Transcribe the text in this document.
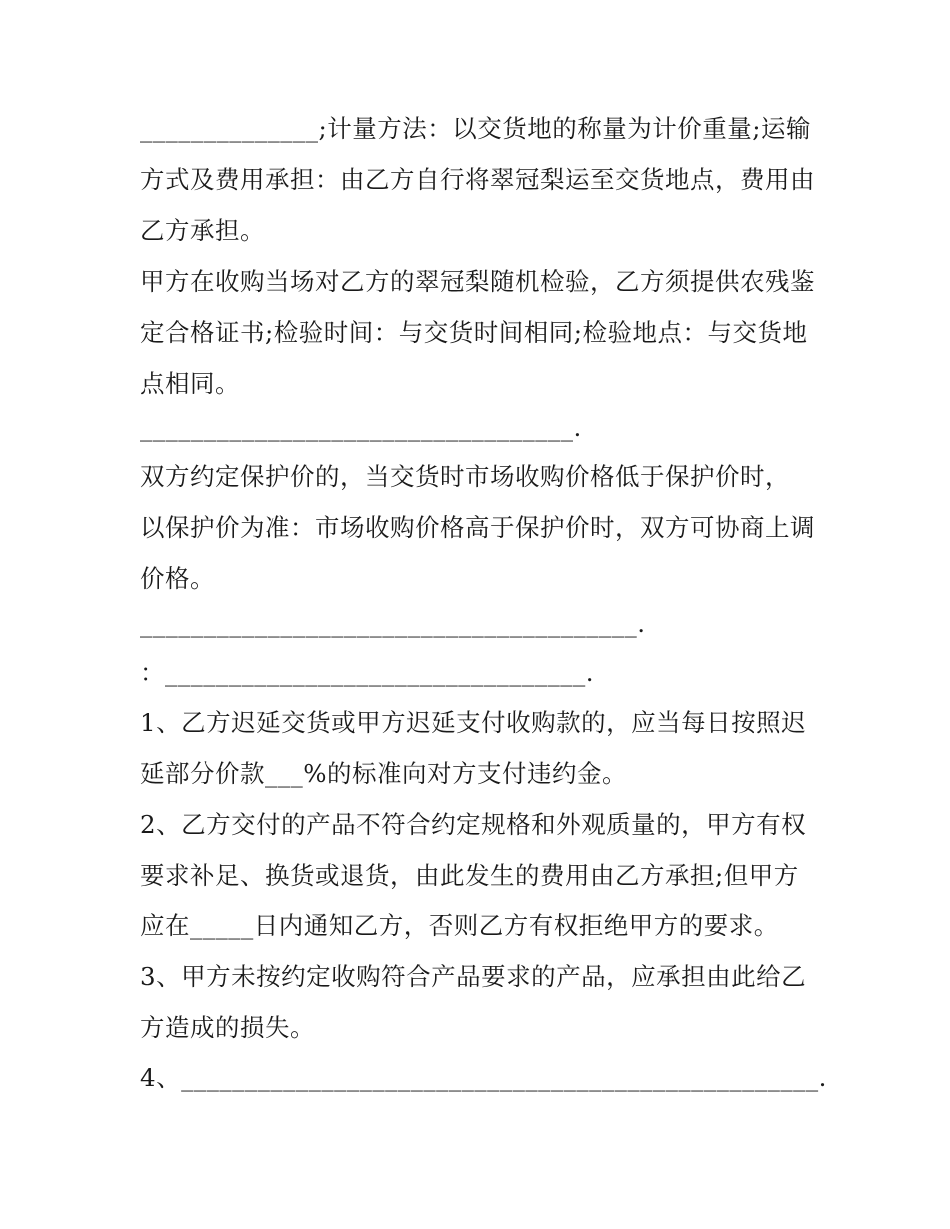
______________;计量方法：以交货地的称量为计价重量;运输
方式及费用承担：由乙方自行将翠冠梨运至交货地点，费用由
乙方承担。
甲方在收购当场对乙方的翠冠梨随机检验，乙方须提供农残鉴
定合格证书;检验时间：与交货时间相同;检验地点：与交货地
点相同。
__________________________________.
双方约定保护价的，当交货时市场收购价格低于保护价时，
以保护价为准：市场收购价格高于保护价时，双方可协商上调
价格。
_______________________________________.
：_________________________________.
1、乙方迟延交货或甲方迟延支付收购款的，应当每日按照迟
延部分价款___%的标准向对方支付违约金。
2、乙方交付的产品不符合约定规格和外观质量的，甲方有权
要求补足、换货或退货，由此发生的费用由乙方承担;但甲方
应在_____日内通知乙方，否则乙方有权拒绝甲方的要求。
3、甲方未按约定收购符合产品要求的产品，应承担由此给乙
方造成的损失。
4、__________________________________________________.
